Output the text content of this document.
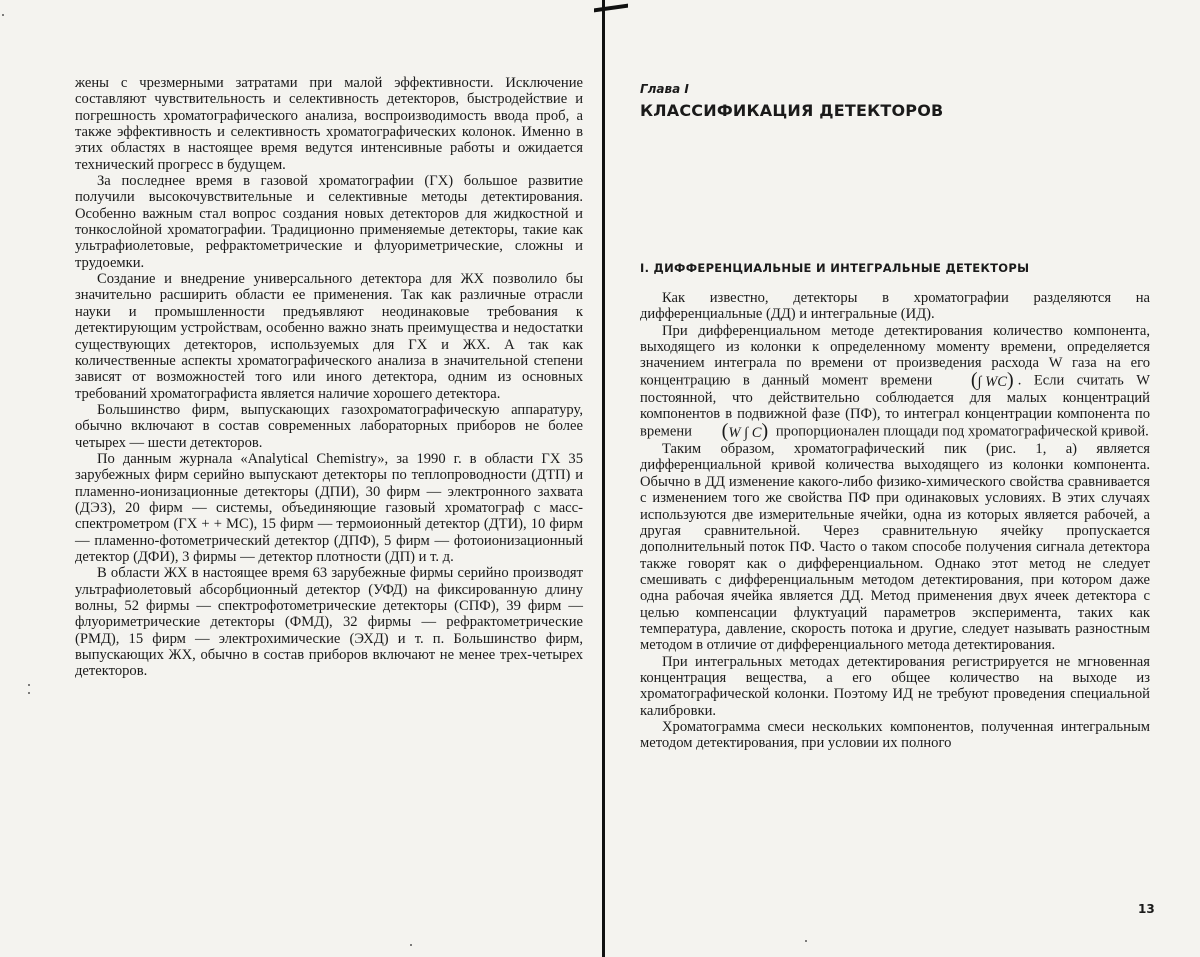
жены с чрезмерными затратами при малой эффективности. Исключение составляют чувствительность и селективность детекторов, быстродействие и погрешность хроматографического анализа, воспроизводимость ввода проб, а также эффективность и селективность хроматографических колонок. Именно в этих областях в настоящее время ведутся интенсивные работы и ожидается технический прогресс в будущем.

За последнее время в газовой хроматографии (ГХ) большое развитие получили высокочувствительные и селективные методы детектирования. Особенно важным стал вопрос создания новых детекторов для жидкостной и тонкослойной хроматографии. Традиционно применяемые детекторы, такие как ультрафиолетовые, рефрактометрические и флуориметрические, сложны и трудоемки.

Создание и внедрение универсального детектора для ЖХ позволило бы значительно расширить области ее применения. Так как различные отрасли науки и промышленности предъявляют неодинаковые требования к детектирующим устройствам, особенно важно знать преимущества и недостатки существующих детекторов, используемых для ГХ и ЖХ. А так как количественные аспекты хроматографического анализа в значительной степени зависят от возможностей того или иного детектора, одним из основных требований хроматографиста является наличие хорошего детектора.

Большинство фирм, выпускающих газохроматографическую аппаратуру, обычно включают в состав современных лабораторных приборов не более четырех — шести детекторов.

По данным журнала «Analytical Chemistry», за 1990 г. в области ГХ 35 зарубежных фирм серийно выпускают детекторы по теплопроводности (ДТП) и пламенно-ионизационные детекторы (ДПИ), 30 фирм — электронного захвата (ДЭЗ), 20 фирм — системы, объединяющие газовый хроматограф с масс-спектрометром (ГХ + + МС), 15 фирм — термоионный детектор (ДТИ), 10 фирм — пламенно-фотометрический детектор (ДПФ), 5 фирм — фотоионизационный детектор (ДФИ), 3 фирмы — детектор плотности (ДП) и т. д.

В области ЖХ в настоящее время 63 зарубежные фирмы серийно производят ультрафиолетовый абсорбционный детектор (УФД) на фиксированную длину волны, 52 фирмы — спектрофотометрические детекторы (СПФ), 39 фирм — флуориметрические детекторы (ФМД), 32 фирмы — рефрактометрические (РМД), 15 фирм — электрохимические (ЭХД) и т. п. Большинство фирм, выпускающих ЖХ, обычно в состав приборов включают не менее трех-четырех детекторов.

Глава I
КЛАССИФИКАЦИЯ ДЕТЕКТОРОВ
I. ДИФФЕРЕНЦИАЛЬНЫЕ И ИНТЕГРАЛЬНЫЕ ДЕТЕКТОРЫ

Как известно, детекторы в хроматографии разделяются на дифференциальные (ДД) и интегральные (ИД).

При дифференциальном методе детектирования количество компонента, выходящего из колонки к определенному моменту времени, определяется значением интеграла по времени от произведения расхода W газа на его концентрацию в данный момент времени (∫ WC) . Если считать W постоянной, что действительно соблюдается для малых концентраций компонентов в подвижной фазе (ПФ), то интеграл концентрации компонента по времени (W ∫ C) пропорционален площади под хроматографической кривой.

Таким образом, хроматографический пик (рис. 1, а) является дифференциальной кривой количества выходящего из колонки компонента. Обычно в ДД изменение какого-либо физико-химического свойства сравнивается с изменением того же свойства ПФ при одинаковых условиях. В этих случаях используются две измерительные ячейки, одна из которых является рабочей, а другая сравнительной. Через сравнительную ячейку пропускается дополнительный поток ПФ. Часто о таком способе получения сигнала детектора также говорят как о дифференциальном. Однако этот метод не следует смешивать с дифференциальным методом детектирования, при котором даже одна рабочая ячейка является ДД. Метод применения двух ячеек детектора с целью компенсации флуктуаций параметров эксперимента, таких как температура, давление, скорость потока и другие, следует называть разностным методом в отличие от дифференциального метода детектирования.

При интегральных методах детектирования регистрируется не мгновенная концентрация вещества, а его общее количество на выходе из хроматографической колонки. Поэтому ИД не требуют проведения специальной калибровки.

Хроматограмма смеси нескольких компонентов, полученная интегральным методом детектирования, при условии их полного

13
